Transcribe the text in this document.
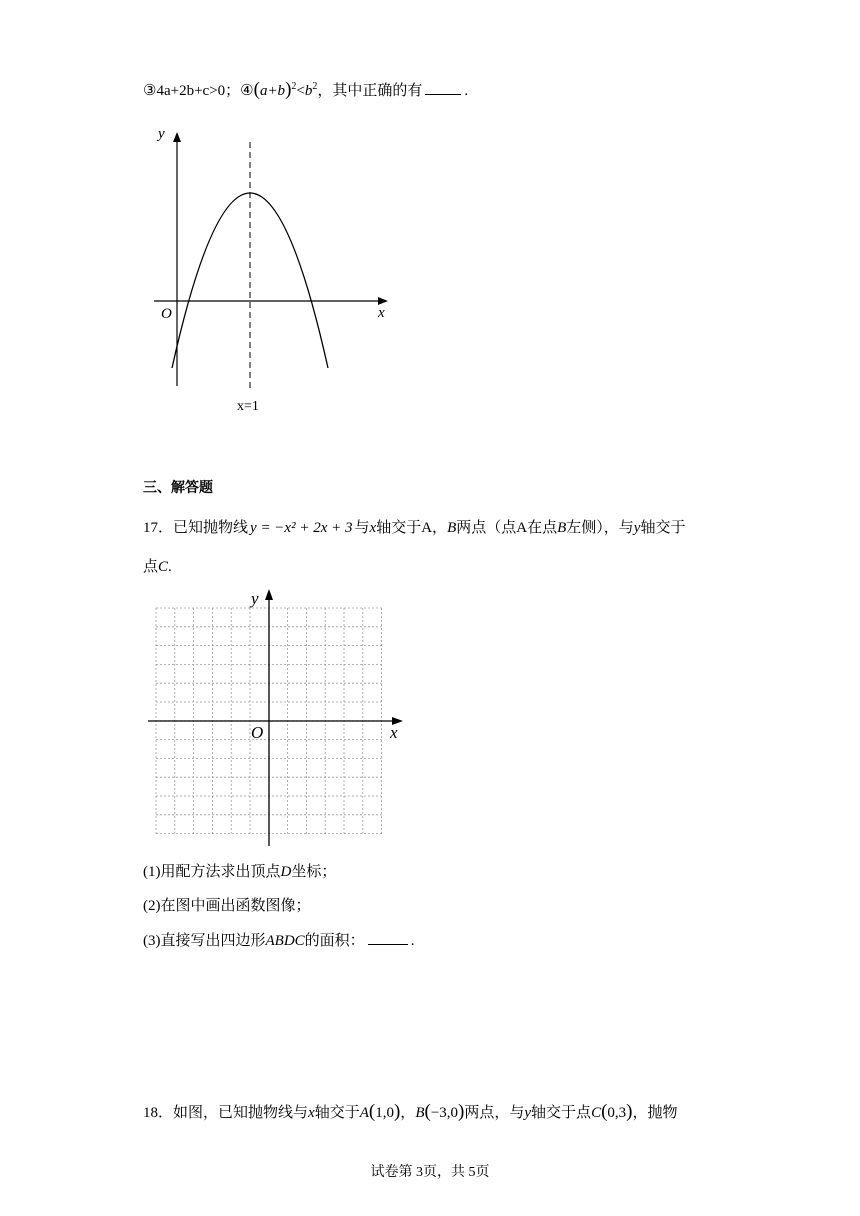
③4a+2b+c>0；$④(a+b)^2<b^2$，其中正确的有	.
y
x
O
x=1
三、解答题
17．已知抛物线 y = −x² + 2x + 3 与x轴交于A，B两点（点A在点B左侧），与y轴交于
点C.
y
x
O
(1)用配方法求出顶点D坐标；
(2)在图中画出函数图像；
(3)直接写出四边形ABDC的面积：	.
18．如图，已知抛物线与x轴交于A(1,0)，B(−3,0)两点，与y轴交于点C(0,3)，抛物
试卷第 3页，共 5页
